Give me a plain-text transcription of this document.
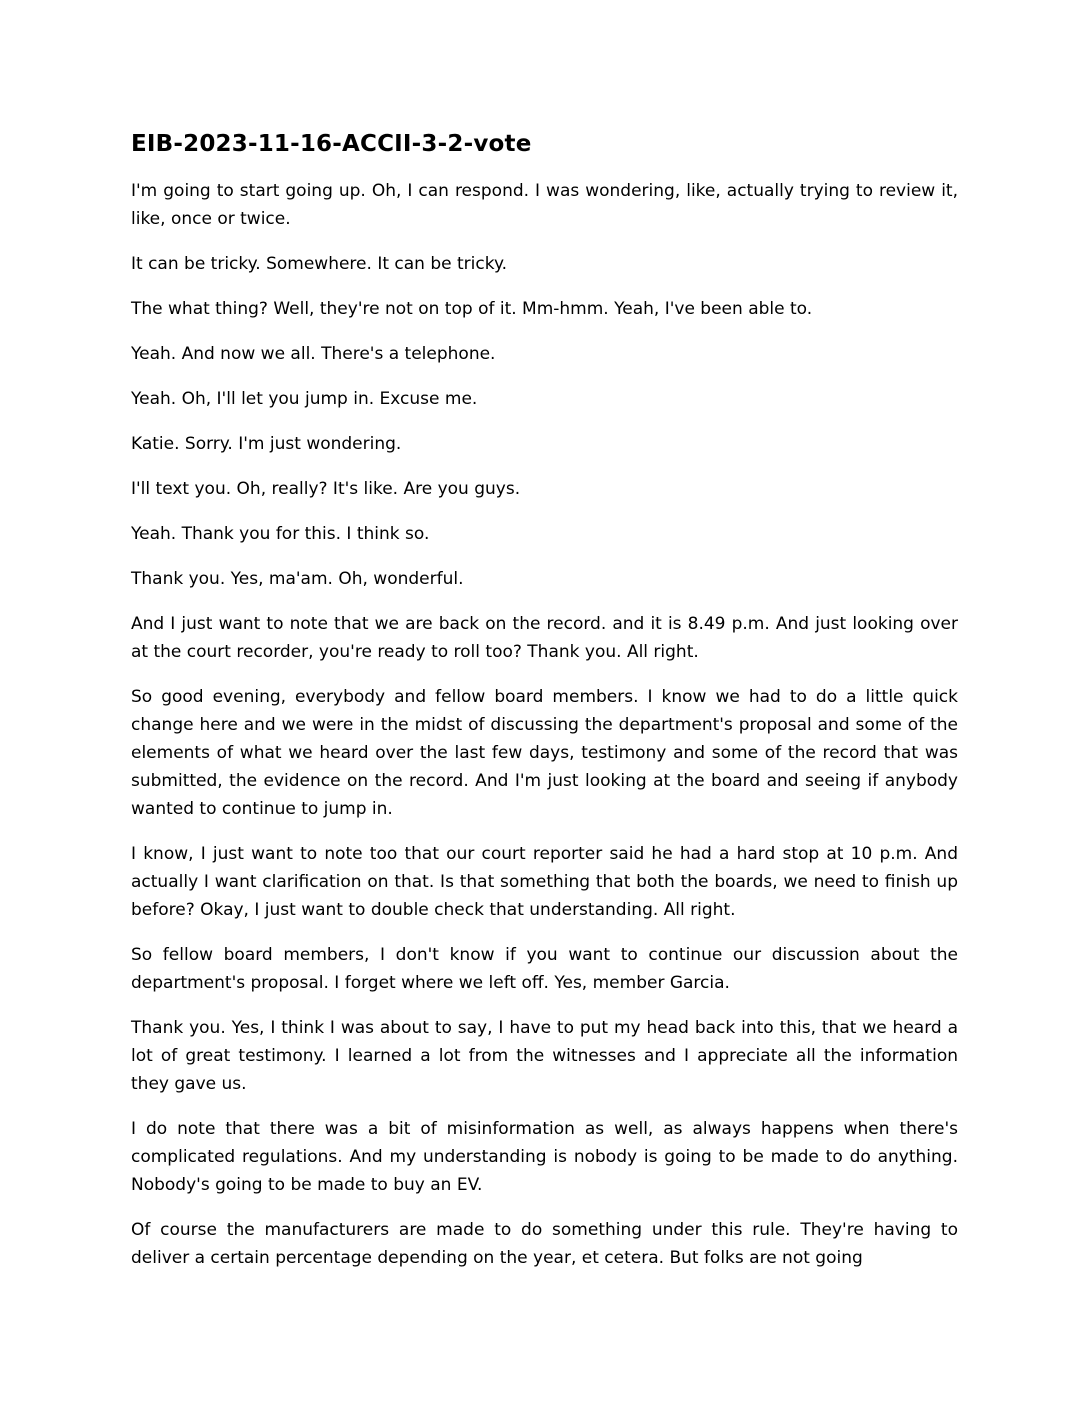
EIB-2023-11-16-ACCII-3-2-vote

I'm going to start going up. Oh, I can respond. I was wondering, like, actually trying to review it, like, once or twice.

It can be tricky. Somewhere. It can be tricky.

The what thing? Well, they're not on top of it. Mm-hmm. Yeah, I've been able to.

Yeah. And now we all. There's a telephone.

Yeah. Oh, I'll let you jump in. Excuse me.

Katie. Sorry. I'm just wondering.

I'll text you. Oh, really? It's like. Are you guys.

Yeah. Thank you for this. I think so.

Thank you. Yes, ma'am. Oh, wonderful.

And I just want to note that we are back on the record. and it is 8.49 p.m. And just looking over at the court recorder, you're ready to roll too? Thank you. All right.

So good evening, everybody and fellow board members. I know we had to do a little quick change here and we were in the midst of discussing the department's proposal and some of the elements of what we heard over the last few days, testimony and some of the record that was submitted, the evidence on the record. And I'm just looking at the board and seeing if anybody wanted to continue to jump in.

I know, I just want to note too that our court reporter said he had a hard stop at 10 p.m. And actually I want clarification on that. Is that something that both the boards, we need to finish up before? Okay, I just want to double check that understanding. All right.

So fellow board members, I don't know if you want to continue our discussion about the department's proposal. I forget where we left off. Yes, member Garcia.

Thank you. Yes, I think I was about to say, I have to put my head back into this, that we heard a lot of great testimony. I learned a lot from the witnesses and I appreciate all the information they gave us.

I do note that there was a bit of misinformation as well, as always happens when there's complicated regulations. And my understanding is nobody is going to be made to do anything. Nobody's going to be made to buy an EV.

Of course the manufacturers are made to do something under this rule. They're having to deliver a certain percentage depending on the year, et cetera. But folks are not going
